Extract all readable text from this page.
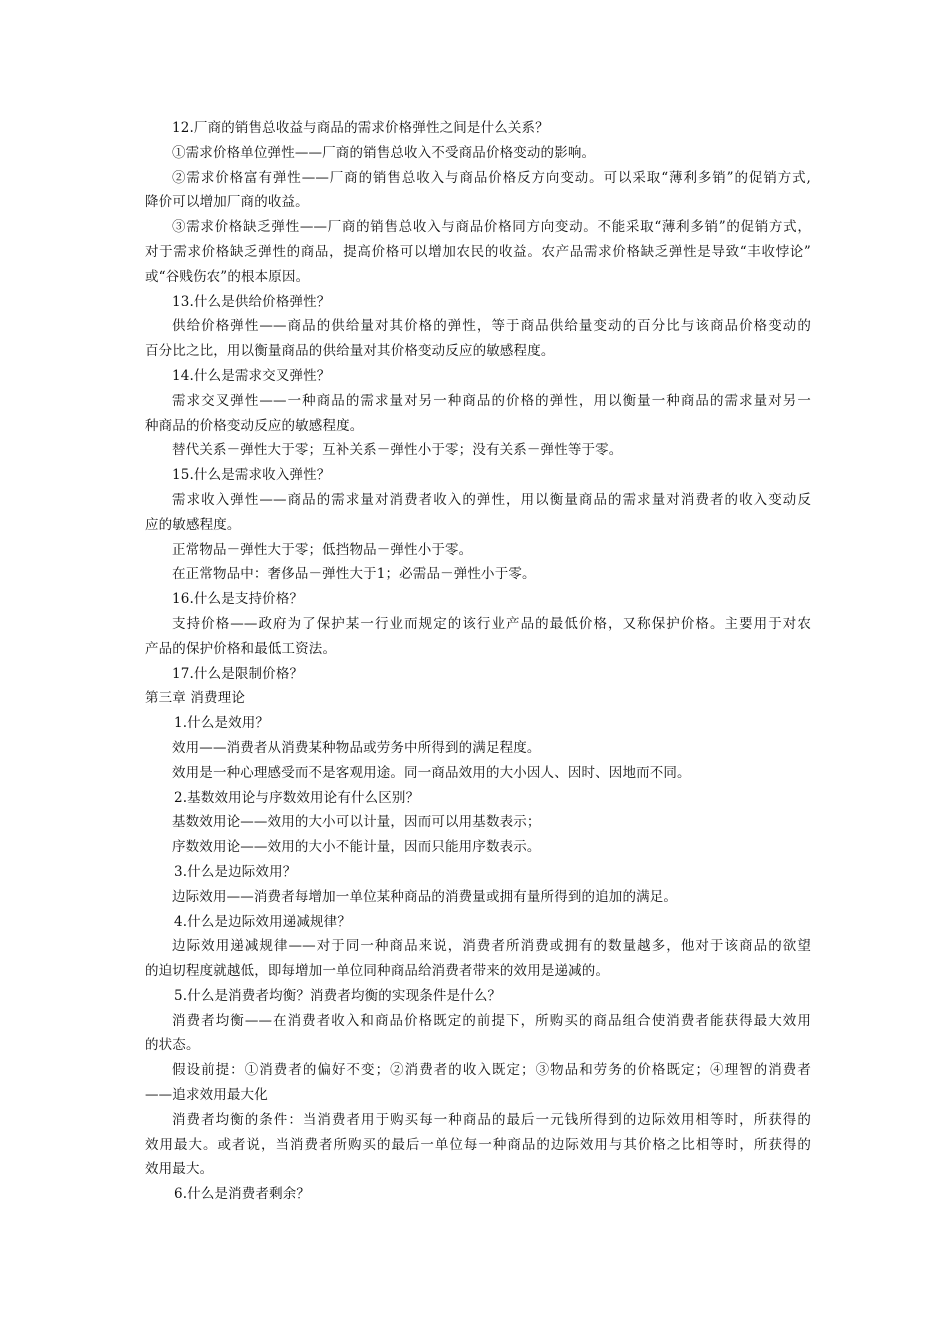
12.厂商的销售总收益与商品的需求价格弹性之间是什么关系？
①需求价格单位弹性——厂商的销售总收入不受商品价格变动的影响。
②需求价格富有弹性——厂商的销售总收入与商品价格反方向变动。可以采取“薄利多销”的促销方式,
降价可以增加厂商的收益。
③需求价格缺乏弹性——厂商的销售总收入与商品价格同方向变动。不能采取“薄利多销”的促销方式，
对于需求价格缺乏弹性的商品，提高价格可以增加农民的收益。农产品需求价格缺乏弹性是导致“丰收悖论”
或“谷贱伤农”的根本原因。
13.什么是供给价格弹性？
供给价格弹性——商品的供给量对其价格的弹性，等于商品供给量变动的百分比与该商品价格变动的
百分比之比，用以衡量商品的供给量对其价格变动反应的敏感程度。
14.什么是需求交叉弹性？
需求交叉弹性——一种商品的需求量对另一种商品的价格的弹性，用以衡量一种商品的需求量对另一
种商品的价格变动反应的敏感程度。
替代关系－弹性大于零；互补关系－弹性小于零；没有关系－弹性等于零。
15.什么是需求收入弹性？
需求收入弹性——商品的需求量对消费者收入的弹性，用以衡量商品的需求量对消费者的收入变动反
应的敏感程度。
正常物品－弹性大于零；低挡物品－弹性小于零。
在正常物品中：奢侈品－弹性大于1；必需品－弹性小于零。
16.什么是支持价格？
支持价格——政府为了保护某一行业而规定的该行业产品的最低价格，又称保护价格。主要用于对农
产品的保护价格和最低工资法。
17.什么是限制价格？
第三章 消费理论
1.什么是效用？
效用——消费者从消费某种物品或劳务中所得到的满足程度。
效用是一种心理感受而不是客观用途。同一商品效用的大小因人、因时、因地而不同。
2.基数效用论与序数效用论有什么区别？
基数效用论——效用的大小可以计量，因而可以用基数表示；
序数效用论——效用的大小不能计量，因而只能用序数表示。
3.什么是边际效用？
边际效用——消费者每增加一单位某种商品的消费量或拥有量所得到的追加的满足。
4.什么是边际效用递减规律？
边际效用递减规律——对于同一种商品来说，消费者所消费或拥有的数量越多，他对于该商品的欲望
的迫切程度就越低，即每增加一单位同种商品给消费者带来的效用是递减的。
5.什么是消费者均衡？消费者均衡的实现条件是什么？
消费者均衡——在消费者收入和商品价格既定的前提下，所购买的商品组合使消费者能获得最大效用
的状态。
假设前提：①消费者的偏好不变；②消费者的收入既定；③物品和劳务的价格既定；④理智的消费者
——追求效用最大化
消费者均衡的条件：当消费者用于购买每一种商品的最后一元钱所得到的边际效用相等时，所获得的
效用最大。或者说，当消费者所购买的最后一单位每一种商品的边际效用与其价格之比相等时，所获得的
效用最大。
6.什么是消费者剩余？
